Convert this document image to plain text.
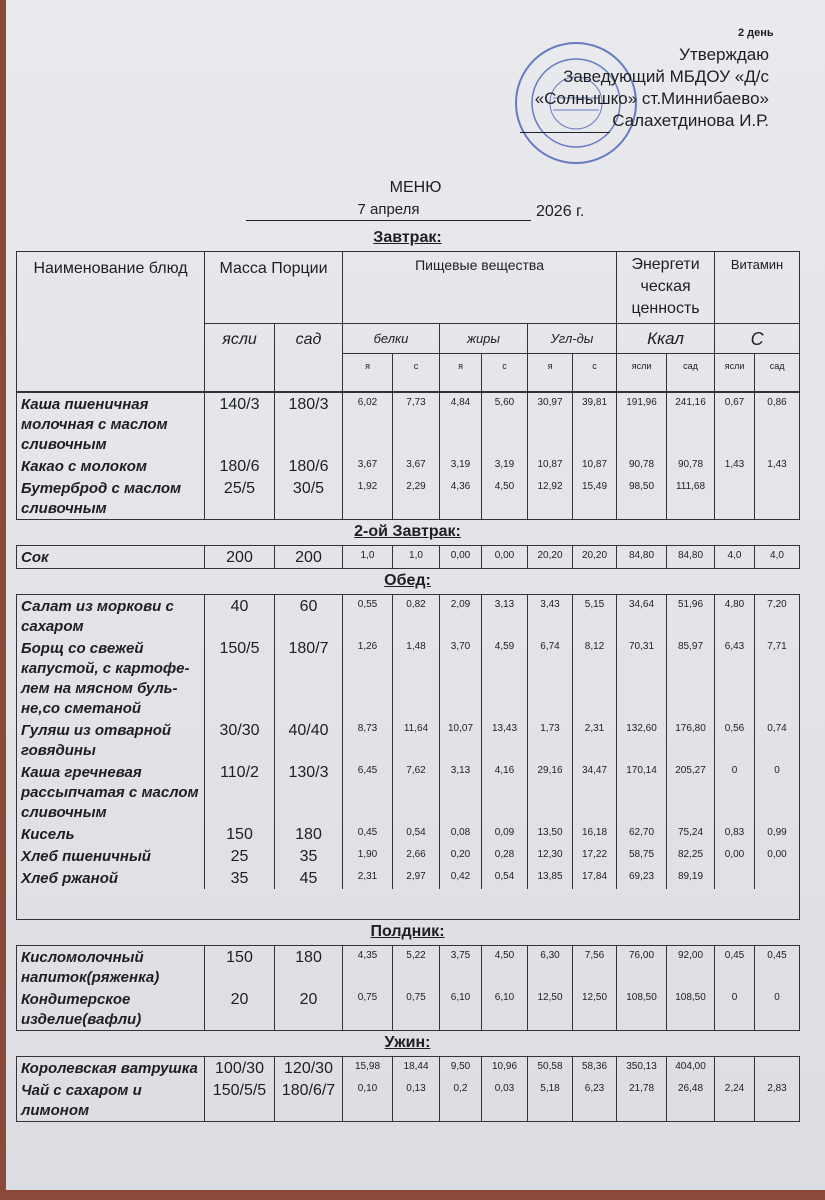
2 день
Утверждаю
Заведующий МБДОУ «Д/с
«Солнышко» ст.Миннибаево»
Салахетдинова И.Р.
МЕНЮ
7 апреля	2026 г.
Завтрак:
Наименование блюд	Масса Порции		Пищевые вещества						Энергети ческая ценность		Витамин	
	ясли	сад	белки		жиры		Угл-ды		Ккал		С	
			я	с	я	с	я	с	ясли	сад	ясли	сад
Каша пшеничная молочная с маслом сливочным	140/3	180/3	6,02	7,73	4,84	5,60	30,97	39,81	191,96	241,16	0,67	0,86
Какао с молоком	180/6	180/6	3,67	3,67	3,19	3,19	10,87	10,87	90,78	90,78	1,43	1,43
Бутерброд с маслом сливочным	25/5	30/5	1,92	2,29	4,36	4,50	12,92	15,49	98,50	111,68		
2-ой Завтрак:
Сок	200	200	1,0	1,0	0,00	0,00	20,20	20,20	84,80	84,80	4,0	4,0
Обед:
Салат из моркови с сахаром	40	60	0,55	0,82	2,09	3,13	3,43	5,15	34,64	51,96	4,80	7,20
Борщ со свежей капустой, с картофе-лем на мясном буль-не,со сметаной	150/5	180/7	1,26	1,48	3,70	4,59	6,74	8,12	70,31	85,97	6,43	7,71
Гуляш из отварной говядины	30/30	40/40	8,73	11,64	10,07	13,43	1,73	2,31	132,60	176,80	0,56	0,74
Каша гречневая рассыпчатая с маслом сливочным	110/2	130/3	6,45	7,62	3,13	4,16	29,16	34,47	170,14	205,27	0	0
Кисель	150	180	0,45	0,54	0,08	0,09	13,50	16,18	62,70	75,24	0,83	0,99
Хлеб пшеничный	25	35	1,90	2,66	0,20	0,28	12,30	17,22	58,75	82,25	0,00	0,00
Хлеб ржаной	35	45	2,31	2,97	0,42	0,54	13,85	17,84	69,23	89,19		

Полдник:
Кисломолочный напиток(ряженка)	150	180	4,35	5,22	3,75	4,50	6,30	7,56	76,00	92,00	0,45	0,45
Кондитерское изделие(вафли)	20	20	0,75	0,75	6,10	6,10	12,50	12,50	108,50	108,50	0	0
Ужин:
Королевская ватрушка	100/30	120/30	15,98	18,44	9,50	10,96	50,58	58,36	350,13	404,00		
Чай с сахаром и лимоном	150/5/5	180/6/7	0,10	0,13	0,2	0,03	5,18	6,23	21,78	26,48	2,24	2,83
